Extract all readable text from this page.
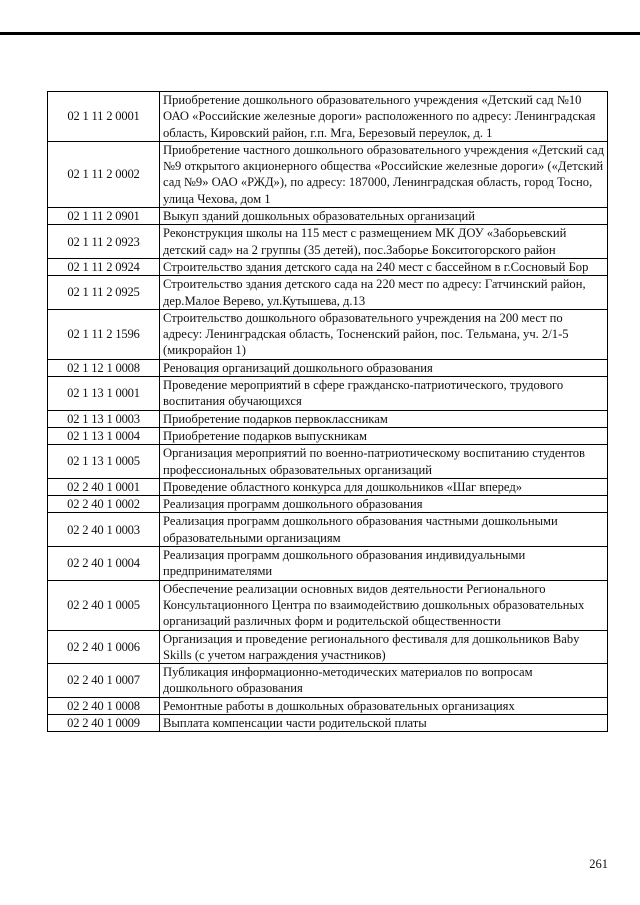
02 1 11 2 0001	Приобретение дошкольного образовательного учреждения «Детский сад №10 ОАО «Российские железные дороги» расположенного по адресу: Ленинградская область, Кировский район, г.п. Мга, Березовый переулок, д. 1
02 1 11 2 0002	Приобретение частного дошкольного образовательного учреждения «Детский сад №9 открытого акционерного общества «Российские железные дороги» («Детский сад №9» ОАО «РЖД»), по адресу: 187000, Ленинградская область, город Тосно, улица Чехова, дом 1
02 1 11 2 0901	Выкуп зданий дошкольных образовательных организаций
02 1 11 2 0923	Реконструкция школы на 115 мест с размещением МК ДОУ «Заборьевский детский сад» на 2 группы (35 детей), пос.Заборье Бокситогорского район
02 1 11 2 0924	Строительство здания детского сада на 240 мест с бассейном в г.Сосновый Бор
02 1 11 2 0925	Строительство здания детского сада на 220 мест по адресу: Гатчинский район, дер.Малое Верево, ул.Кутышева, д.13
02 1 11 2 1596	Строительство дошкольного образовательного учреждения на 200 мест по адресу: Ленинградская область, Тосненский район, пос. Тельмана, уч. 2/1-5 (микрорайон 1)
02 1 12 1 0008	Реновация организаций дошкольного образования
02 1 13 1 0001	Проведение мероприятий в сфере гражданско-патриотического, трудового воспитания обучающихся
02 1 13 1 0003	Приобретение подарков первоклассникам
02 1 13 1 0004	Приобретение подарков выпускникам
02 1 13 1 0005	Организация мероприятий по военно-патриотическому воспитанию студентов профессиональных образовательных организаций
02 2 40 1 0001	Проведение областного конкурса для дошкольников «Шаг вперед»
02 2 40 1 0002	Реализация программ дошкольного образования
02 2 40 1 0003	Реализация программ дошкольного образования частными дошкольными образовательными организациям
02 2 40 1 0004	Реализация программ дошкольного образования индивидуальными предпринимателями
02 2 40 1 0005	Обеспечение реализации основных видов деятельности Регионального Консультационного Центра по взаимодействию дошкольных образовательных организаций различных форм и родительской общественности
02 2 40 1 0006	Организация и проведение регионального фестиваля для дошкольников Baby Skills (с учетом награждения участников)
02 2 40 1 0007	Публикация информационно-методических материалов по вопросам дошкольного образования
02 2 40 1 0008	Ремонтные работы в дошкольных образовательных организациях
02 2 40 1 0009	Выплата компенсации части родительской платы
261
